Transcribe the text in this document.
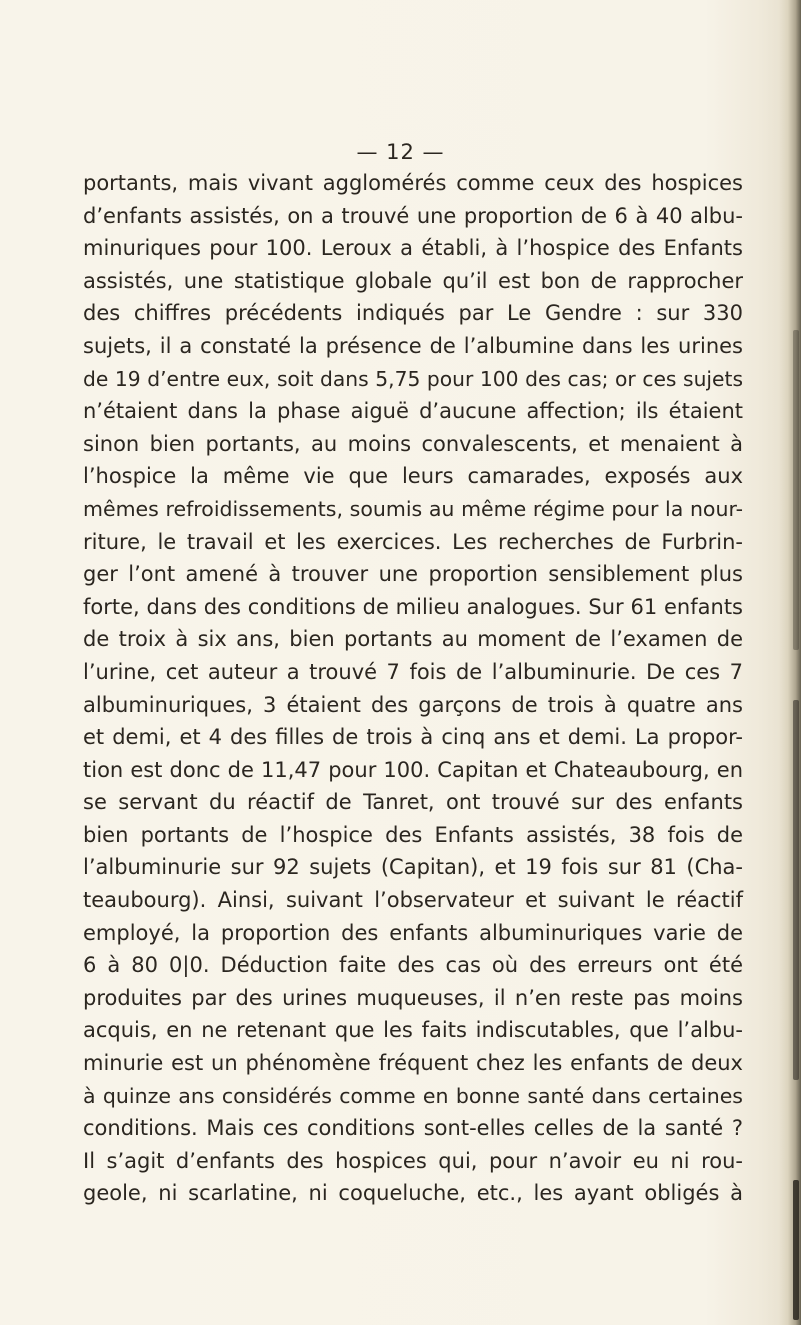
— 12 —
portants, mais vivant agglomérés comme ceux des hospices
d’enfants assistés, on a trouvé une proportion de 6 à 40 albu-
minuriques pour 100. Leroux a établi, à l’hospice des Enfants
assistés, une statistique globale qu’il est bon de rapprocher
des chiffres précédents indiqués par Le Gendre : sur 330
sujets, il a constaté la présence de l’albumine dans les urines
de 19 d’entre eux, soit dans 5,75 pour 100 des cas; or ces sujets
n’étaient dans la phase aiguë d’aucune affection; ils étaient
sinon bien portants, au moins convalescents, et menaient à
l’hospice la même vie que leurs camarades, exposés aux
mêmes refroidissements, soumis au même régime pour la nour-
riture, le travail et les exercices. Les recherches de Furbrin-
ger l’ont amené à trouver une proportion sensiblement plus
forte, dans des conditions de milieu analogues. Sur 61 enfants
de troix à six ans, bien portants au moment de l’examen de
l’urine, cet auteur a trouvé 7 fois de l’albuminurie. De ces 7
albuminuriques, 3 étaient des garçons de trois à quatre ans
et demi, et 4 des filles de trois à cinq ans et demi. La propor-
tion est donc de 11,47 pour 100. Capitan et Chateaubourg, en
se servant du réactif de Tanret, ont trouvé sur des enfants
bien portants de l’hospice des Enfants assistés, 38 fois de
l’albuminurie sur 92 sujets (Capitan), et 19 fois sur 81 (Cha-
teaubourg). Ainsi, suivant l’observateur et suivant le réactif
employé, la proportion des enfants albuminuriques varie de
6 à 80 0|0. Déduction faite des cas où des erreurs ont été
produites par des urines muqueuses, il n’en reste pas moins
acquis, en ne retenant que les faits indiscutables, que l’albu-
minurie est un phénomène fréquent chez les enfants de deux
à quinze ans considérés comme en bonne santé dans certaines
conditions. Mais ces conditions sont-elles celles de la santé ?
Il s’agit d’enfants des hospices qui, pour n’avoir eu ni rou-
geole, ni scarlatine, ni coqueluche, etc., les ayant obligés à
